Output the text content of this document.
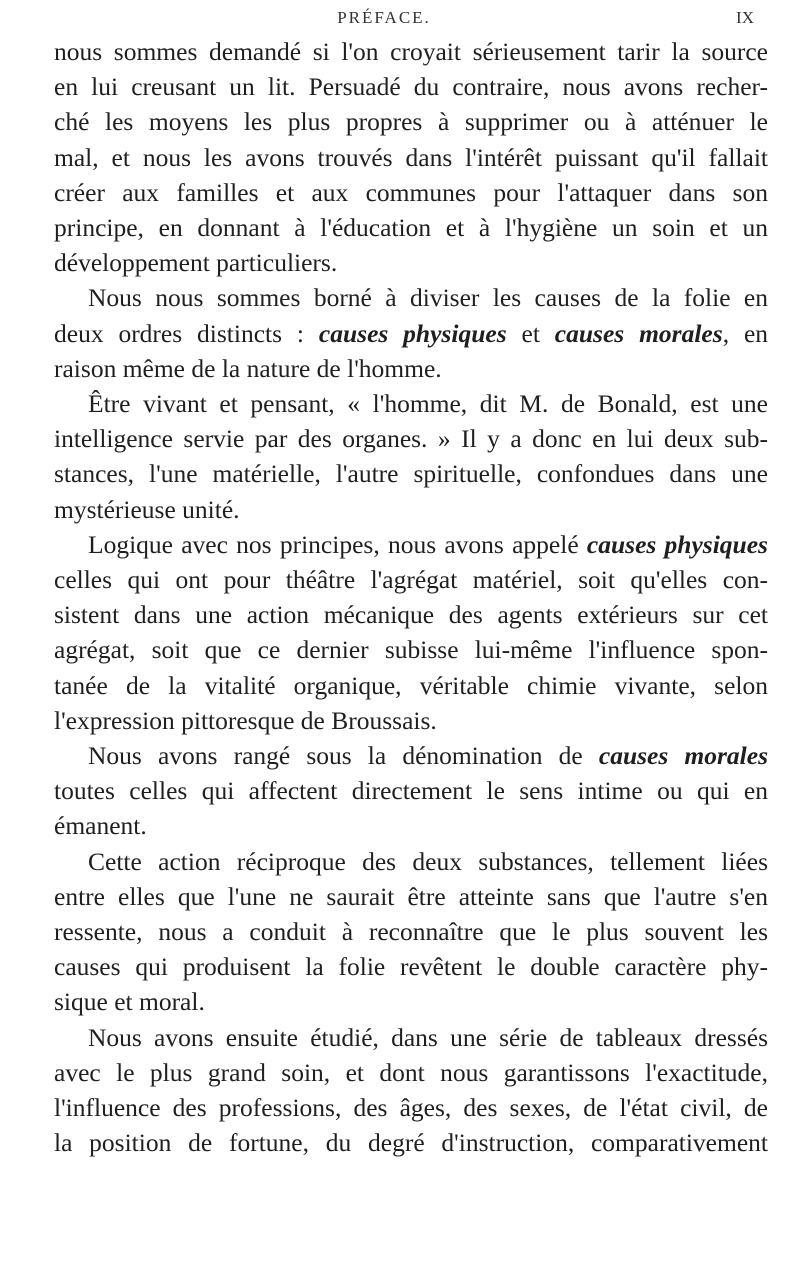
PRÉFACE.	IX

nous sommes demandé si l'on croyait sérieusement tarir la source
en lui creusant un lit. Persuadé du contraire, nous avons recher-
ché les moyens les plus propres à supprimer ou à atténuer le
mal, et nous les avons trouvés dans l'intérêt puissant qu'il fallait
créer aux familles et aux communes pour l'attaquer dans son
principe, en donnant à l'éducation et à l'hygiène un soin et un
développement particuliers.

Nous nous sommes borné à diviser les causes de la folie en
deux ordres distincts : causes physiques et causes morales, en
raison même de la nature de l'homme.

Être vivant et pensant, « l'homme, dit M. de Bonald, est une
intelligence servie par des organes. » Il y a donc en lui deux sub-
stances, l'une matérielle, l'autre spirituelle, confondues dans une
mystérieuse unité.

Logique avec nos principes, nous avons appelé causes physiques
celles qui ont pour théâtre l'agrégat matériel, soit qu'elles con-
sistent dans une action mécanique des agents extérieurs sur cet
agrégat, soit que ce dernier subisse lui-même l'influence spon-
tanée de la vitalité organique, véritable chimie vivante, selon
l'expression pittoresque de Broussais.

Nous avons rangé sous la dénomination de causes morales
toutes celles qui affectent directement le sens intime ou qui en
émanent.

Cette action réciproque des deux substances, tellement liées
entre elles que l'une ne saurait être atteinte sans que l'autre s'en
ressente, nous a conduit à reconnaître que le plus souvent les
causes qui produisent la folie revêtent le double caractère phy-
sique et moral.

Nous avons ensuite étudié, dans une série de tableaux dressés
avec le plus grand soin, et dont nous garantissons l'exactitude,
l'influence des professions, des âges, des sexes, de l'état civil, de
la position de fortune, du degré d'instruction, comparativement
